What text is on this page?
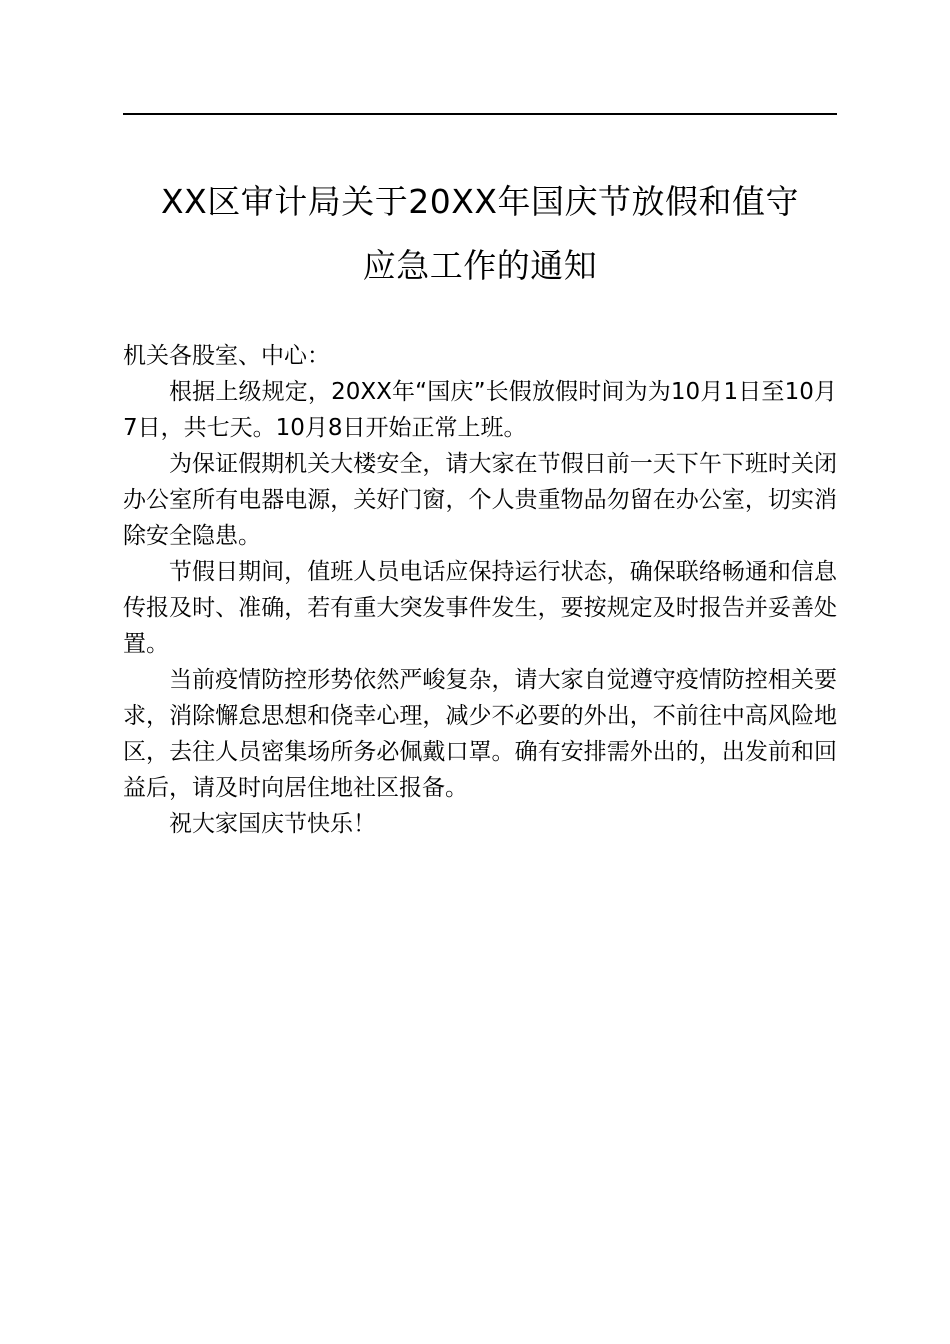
XX区审计局关于20XX年国庆节放假和值守
应急工作的通知

机关各股室、中心：

根据上级规定，20XX年“国庆”长假放假时间为为10月1日至10月7日，共七天。10月8日开始正常上班。

为保证假期机关大楼安全，请大家在节假日前一天下午下班时关闭办公室所有电器电源，关好门窗，个人贵重物品勿留在办公室，切实消除安全隐患。

节假日期间，值班人员电话应保持运行状态，确保联络畅通和信息传报及时、准确，若有重大突发事件发生，要按规定及时报告并妥善处置。

当前疫情防控形势依然严峻复杂，请大家自觉遵守疫情防控相关要求，消除懈怠思想和侥幸心理，减少不必要的外出，不前往中高风险地区，去往人员密集场所务必佩戴口罩。确有安排需外出的，出发前和回益后，请及时向居住地社区报备。

祝大家国庆节快乐！
